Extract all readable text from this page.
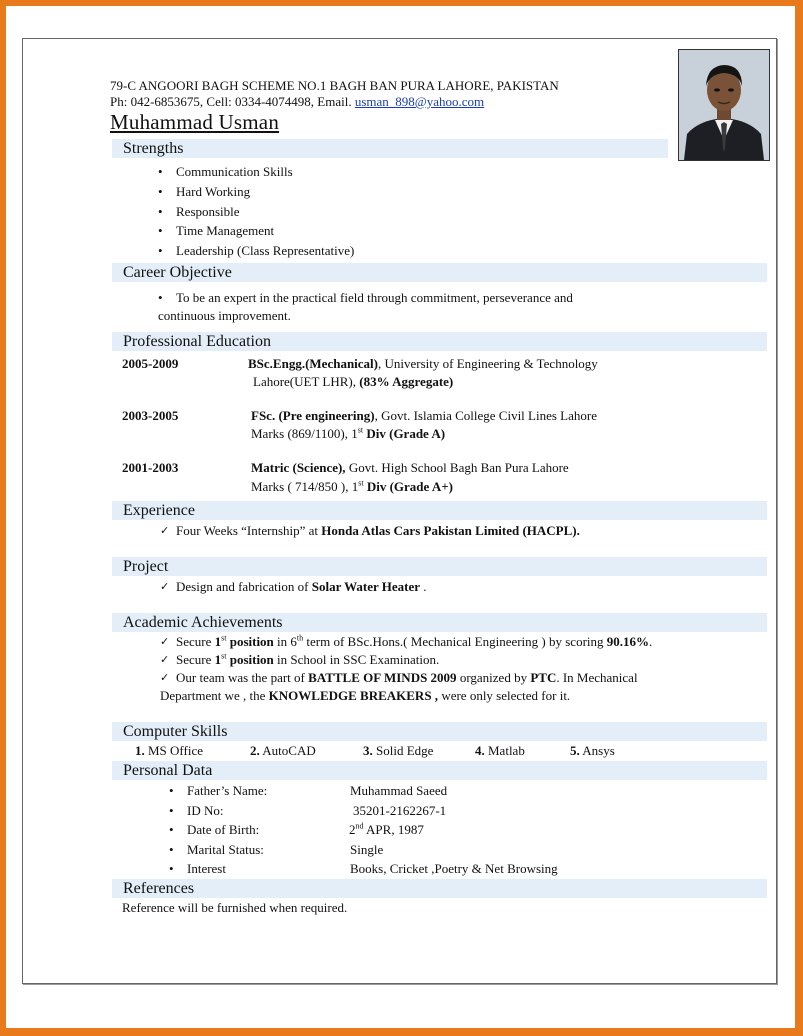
79-C ANGOORI BAGH SCHEME NO.1 BAGH BAN PURA LAHORE, PAKISTAN
Ph: 042-6853675, Cell: 0334-4074498, Email. usman_898@yahoo.com
Muhammad Usman
Strengths
• Communication Skills
• Hard Working
• Responsible
• Time Management
• Leadership (Class Representative)
Career Objective
• To be an expert in the practical field through commitment, perseverance and
continuous improvement.
Professional Education
2005-2009	BSc.Engg.(Mechanical), University of Engineering & Technology
Lahore(UET LHR), (83% Aggregate)
2003-2005	FSc. (Pre engineering), Govt. Islamia College Civil Lines Lahore
Marks (869/1100), 1st Div (Grade A)
2001-2003	Matric (Science), Govt. High School Bagh Ban Pura Lahore
Marks ( 714/850 ), 1st Div (Grade A+)
Experience
✓ Four Weeks “Internship” at Honda Atlas Cars Pakistan Limited (HACPL).
Project
✓ Design and fabrication of Solar Water Heater .
Academic Achievements
✓ Secure 1st position in 6th term of BSc.Hons.( Mechanical Engineering ) by scoring 90.16%.
✓ Secure 1st position in School in SSC Examination.
✓ Our team was the part of BATTLE OF MINDS 2009 organized by PTC. In Mechanical
Department we , the KNOWLEDGE BREAKERS , were only selected for it.
Computer Skills
1. MS Office	2. AutoCAD	3. Solid Edge	4. Matlab	5. Ansys
Personal Data
• Father’s Name:	Muhammad Saeed
• ID No:	35201-2162267-1
• Date of Birth:	2nd APR, 1987
• Marital Status:	Single
• Interest	Books, Cricket ,Poetry & Net Browsing
References
Reference will be furnished when required.
